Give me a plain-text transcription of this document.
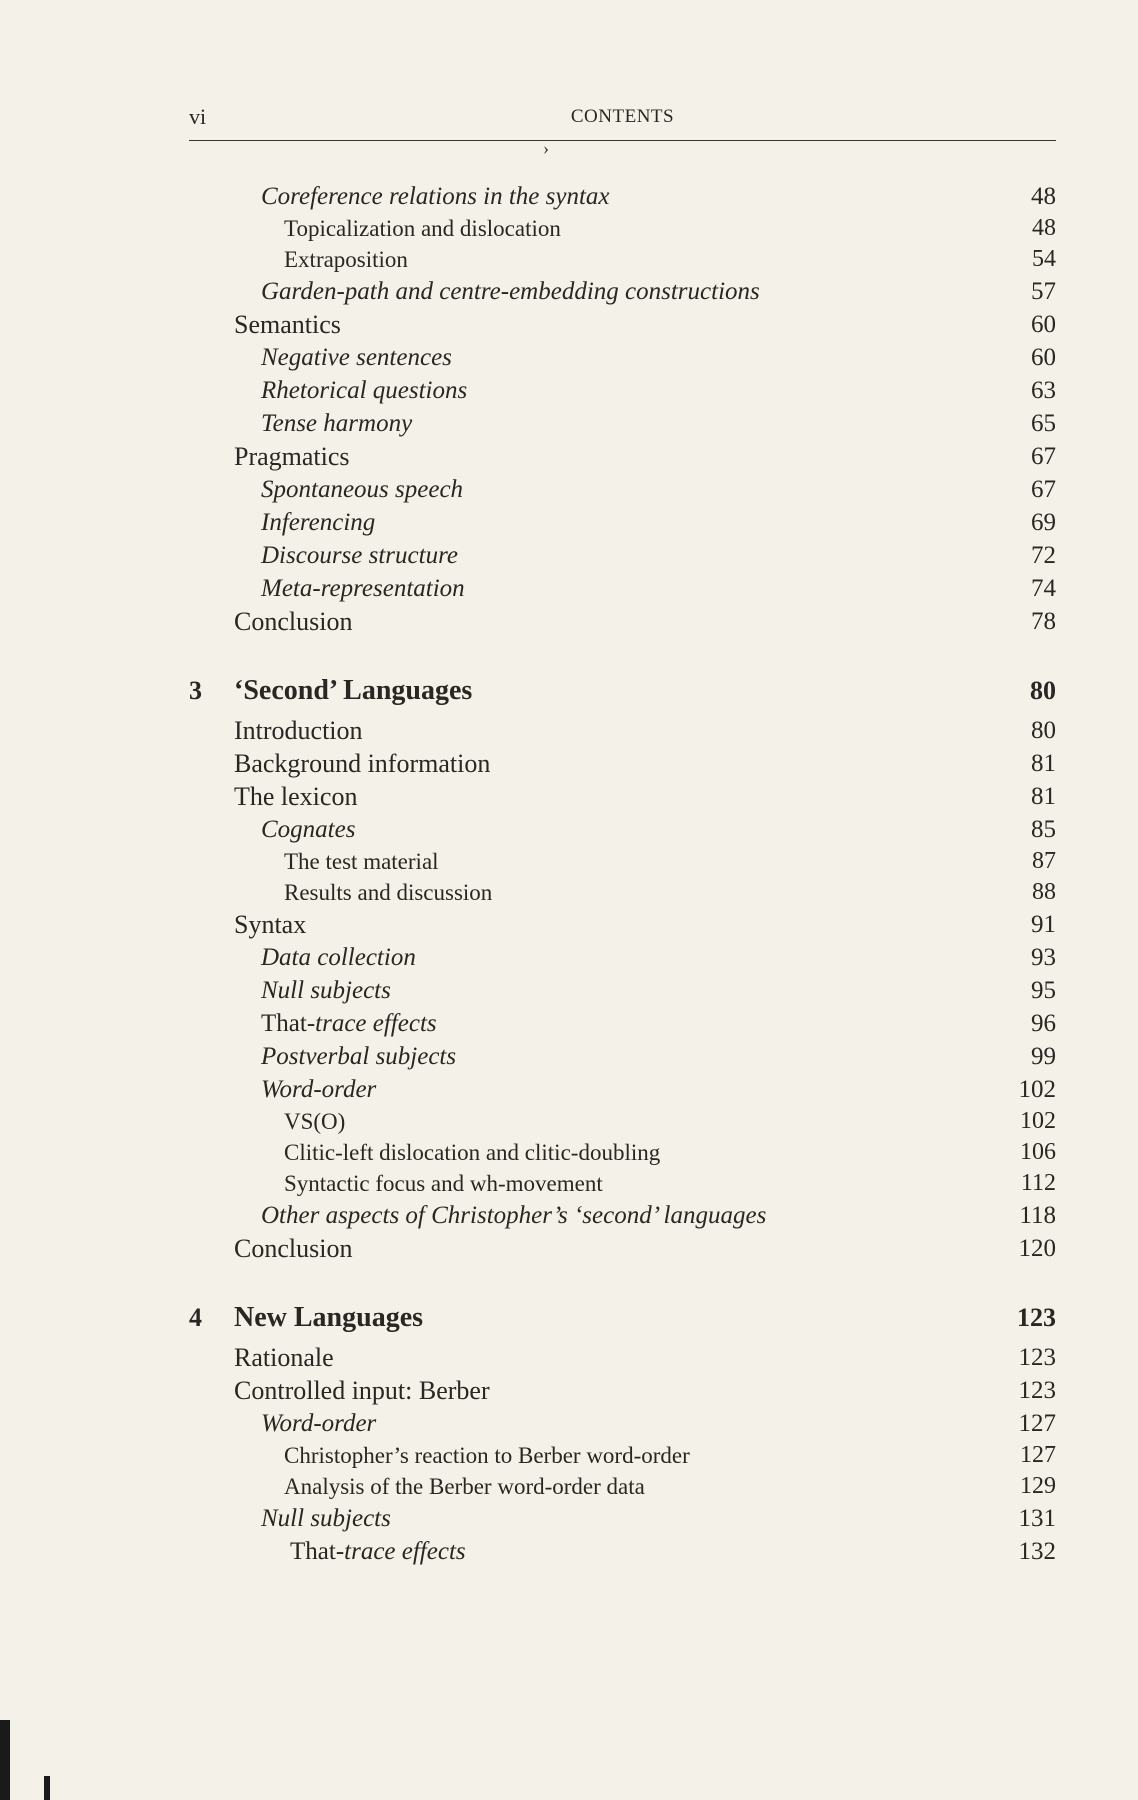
vi	CONTENTS
›
Coreference relations in the syntax	48
Topicalization and dislocation	48
Extraposition	54
Garden-path and centre-embedding constructions	57
Semantics	60
Negative sentences	60
Rhetorical questions	63
Tense harmony	65
Pragmatics	67
Spontaneous speech	67
Inferencing	69
Discourse structure	72
Meta-representation	74
Conclusion	78
3 ‘Second’ Languages	80
Introduction	80
Background information	81
The lexicon	81
Cognates	85
The test material	87
Results and discussion	88
Syntax	91
Data collection	93
Null subjects	95
That-trace effects	96
Postverbal subjects	99
Word-order	102
VS(O)	102
Clitic-left dislocation and clitic-doubling	106
Syntactic focus and wh-movement	112
Other aspects of Christopher’s ‘second’ languages	118
Conclusion	120
4 New Languages	123
Rationale	123
Controlled input: Berber	123
Word-order	127
Christopher’s reaction to Berber word-order	127
Analysis of the Berber word-order data	129
Null subjects	131
That-trace effects	132
